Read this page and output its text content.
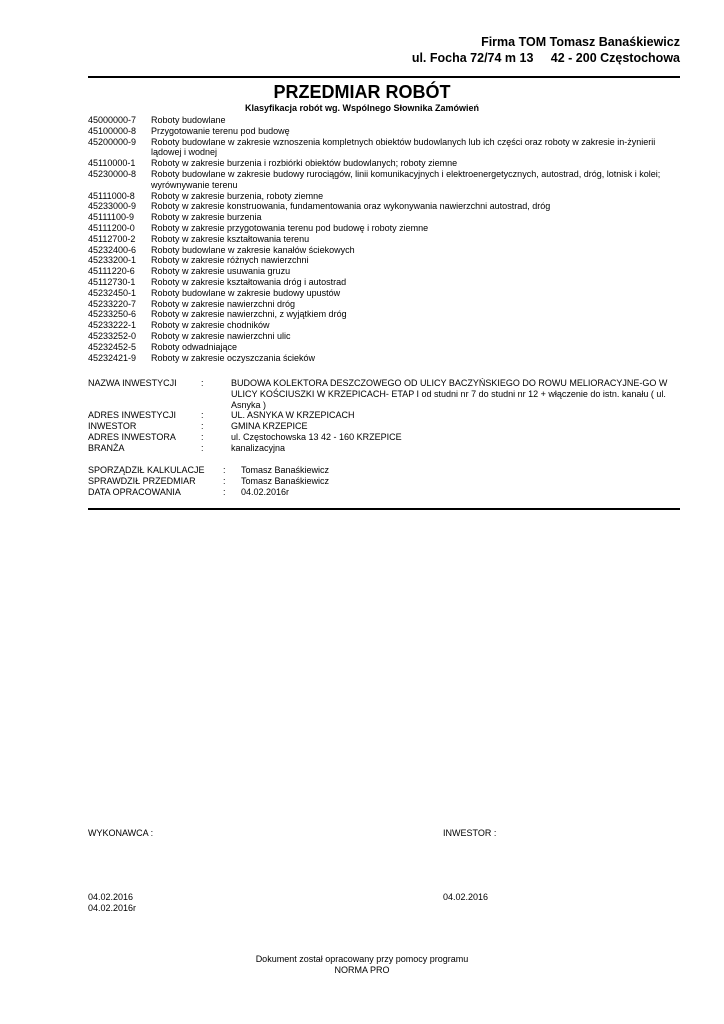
Firma TOM Tomasz Banaśkiewicz
ul. Focha 72/74 m 13     42 - 200 Częstochowa
PRZEDMIAR ROBÓT
Klasyfikacja robót wg. Wspólnego Słownika Zamówień
45000000-7	Roboty budowlane
45100000-8	Przygotowanie terenu pod budowę
45200000-9	Roboty budowlane w zakresie wznoszenia kompletnych obiektów budowlanych lub ich części oraz roboty w zakresie in-żynierii lądowej i wodnej
45110000-1	Roboty w zakresie burzenia i rozbiórki obiektów budowlanych; roboty ziemne
45230000-8	Roboty budowlane w zakresie budowy rurociągów, linii komunikacyjnych i elektroenergetycznych, autostrad, dróg, lotnisk i kolei; wyrównywanie terenu
45111000-8	Roboty w zakresie burzenia, roboty ziemne
45233000-9	Roboty w zakresie konstruowania, fundamentowania oraz wykonywania nawierzchni autostrad, dróg
45111100-9	Roboty w zakresie burzenia
45111200-0	Roboty w zakresie przygotowania terenu pod budowę i roboty ziemne
45112700-2	Roboty w zakresie kształtowania terenu
45232400-6	Roboty budowlane w zakresie kanałów ściekowych
45233200-1	Roboty w zakresie różnych nawierzchni
45111220-6	Roboty w zakresie usuwania gruzu
45112730-1	Roboty w zakresie kształtowania dróg i autostrad
45232450-1	Roboty budowlane w zakresie budowy upustów
45233220-7	Roboty w zakresie nawierzchni dróg
45233250-6	Roboty w zakresie nawierzchni, z wyjątkiem dróg
45233222-1	Roboty w zakresie chodników
45233252-0	Roboty w zakresie nawierzchni ulic
45232452-5	Roboty odwadniające
45232421-9	Roboty w zakresie oczyszczania ścieków
NAZWA INWESTYCJI	:	BUDOWA KOLEKTORA DESZCZOWEGO OD ULICY BACZYŃSKIEGO DO ROWU MELIORACYJNE-GO W ULICY KOŚCIUSZKI W KRZEPICACH- ETAP I od studni nr 7 do studni nr 12 + włączenie do istn. kanału ( ul. Asnyka )
ADRES INWESTYCJI	:	UL. ASNYKA W KRZEPICACH
INWESTOR	:	GMINA KRZEPICE
ADRES INWESTORA	:	ul. Częstochowska 13 42 - 160 KRZEPICE
BRANŻA	:	kanalizacyjna
SPORZĄDZIŁ KALKULACJE	:	Tomasz Banaśkiewicz
SPRAWDZIŁ PRZEDMIAR	:	Tomasz Banaśkiewicz
DATA OPRACOWANIA	:	04.02.2016r
WYKONAWCA :	INWESTOR :
04.02.2016
04.02.2016r
04.02.2016
Dokument został opracowany przy pomocy programu
NORMA PRO
